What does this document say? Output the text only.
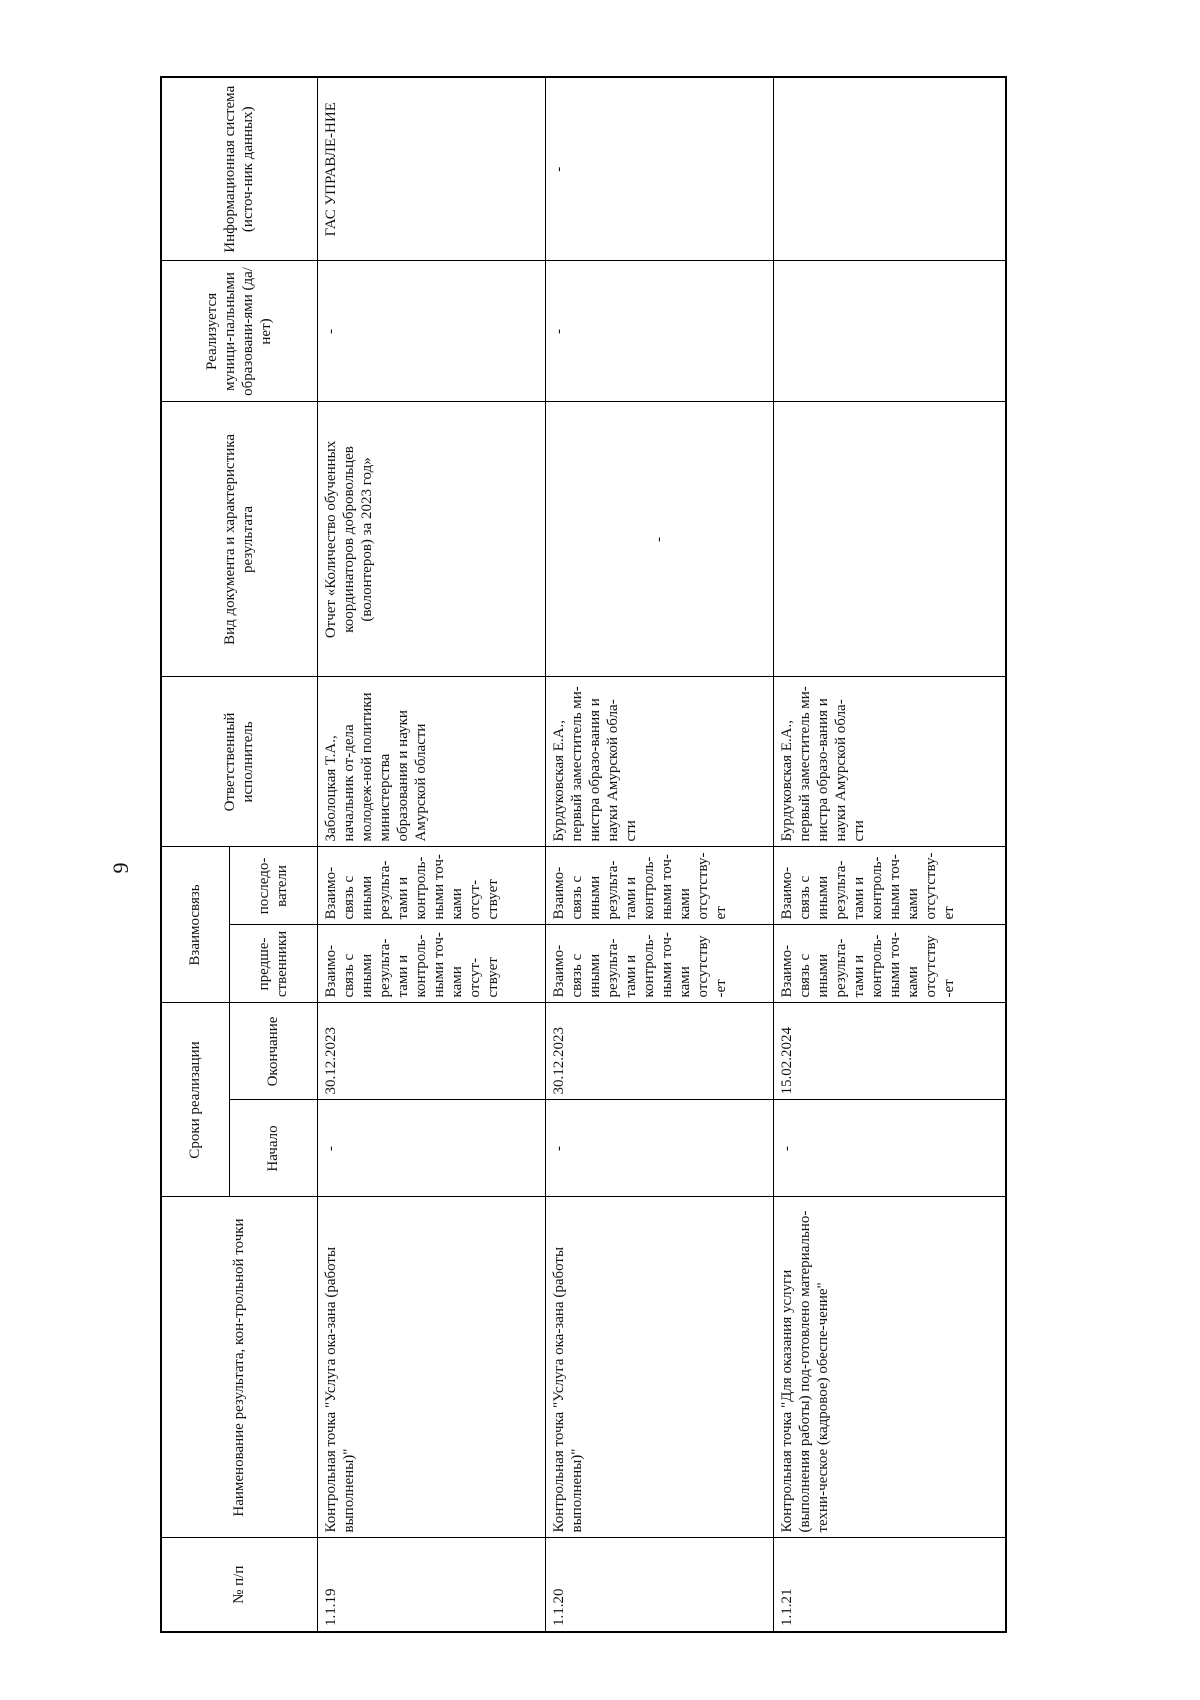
9
№ п/п	Наименование результата, кон-трольной точки	Сроки реализации		Взаимосвязь		Ответственный исполнитель	Вид документа и характеристика результата	Реализуется муници-пальными образовани-ями (да/нет)	Информационная система (источ-ник данных)
		Начало	Окончание	предше-ственники	последо-ватели				
1.1.19	Контрольная точка "Услуга ока-зана (работы выполнены)"	-	30.12.2023	Взаимо-связь с иными результа-тами и контроль-ными точ-ками отсут-ствует	Взаимо-связь с иными результа-тами и контроль-ными точ-ками отсут-ствует	Заболоцкая Т.А., начальник от-дела молодеж-ной политики министерства образования и науки Амурской области	Отчет «Количество обученных координаторов добровольцев (волонтеров) за 2023 год»	-	ГАС УПРАВЛЕ-НИЕ
1.1.20	Контрольная точка "Услуга ока-зана (работы выполнены)"	-	30.12.2023	Взаимо-связь с иными результа-тами и контроль-ными точ-ками отсутству-ет	Взаимо-связь с иными результа-тами и контроль-ными точ-ками отсутству-ет	Бурдуковская Е.А., первый заместитель ми-нистра образо-вания и науки Амурской обла-сти	-	-	-
1.1.21	Контрольная точка "Для оказания услуги (выполнения работы) под-готовлено материально-техни-ческое (кадровое) обеспе-чение"	-	15.02.2024	Взаимо-связь с иными результа-тами и контроль-ными точ-ками отсутству-ет	Взаимо-связь с иными результа-тами и контроль-ными точ-ками отсутству-ет	Бурдуковская Е.А., первый заместитель ми-нистра образо-вания и науки Амурской обла-сти			
